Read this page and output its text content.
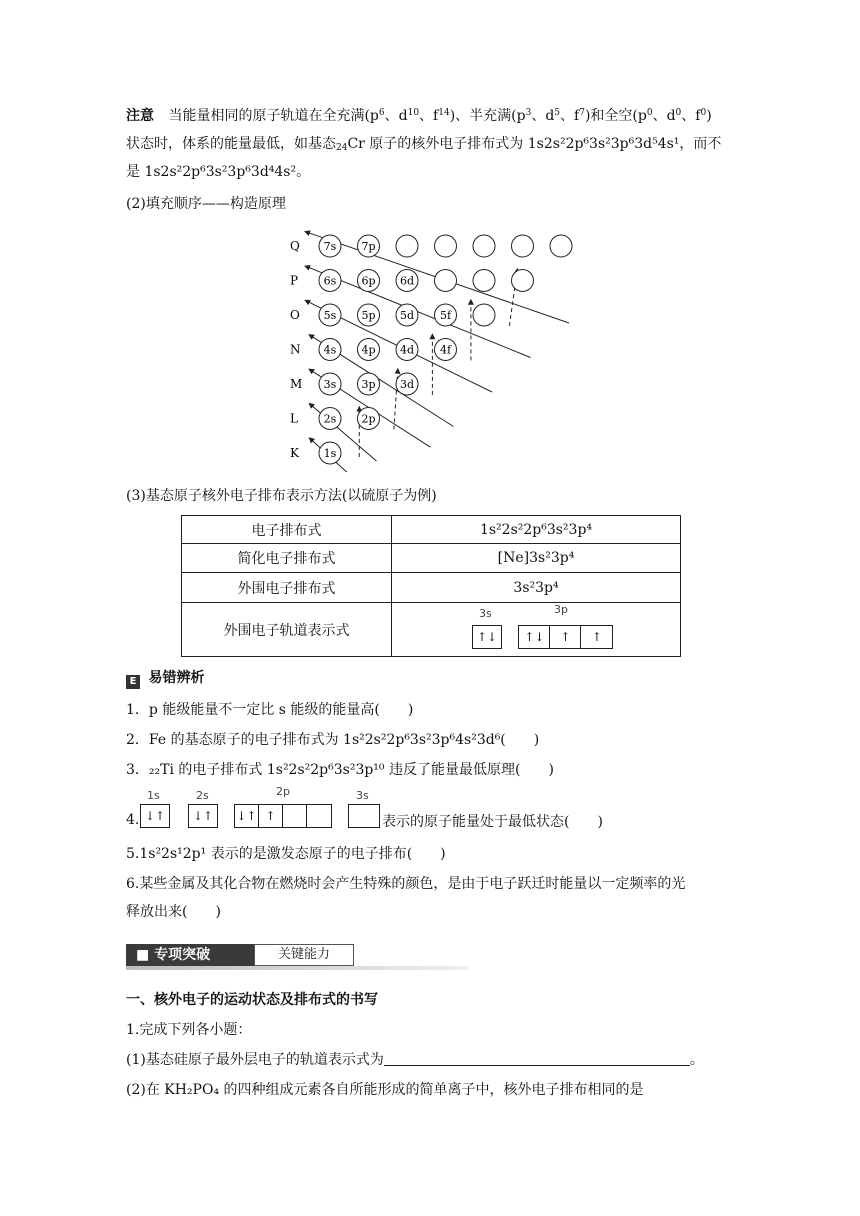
注意 当能量相同的原子轨道在全充满($p^6$、$d^{10}$、$f^{14}$)、半充满($p^3$、$d^5$、$f^7$)和全空($p^0$、$d^0$、$f^0$)
状态时，体系的能量最低，如基态$_{24}$Cr 原子的核外电子排布式为 1s2s²2p⁶3s²3p⁶3d⁵4s¹，而不
是 1s2s²2p⁶3s²3p⁶3d⁴4s²。
(2)填充顺序——构造原理
Q
P
O
N
M
L
K
7s 7p
6s 6p 6d
5s 5p 5d 5f
4s 4p 4d 4f
3s 3p 3d
2s 2p
1s
(3)基态原子核外电子排布表示方法(以硫原子为例)
电子排布式	1s²2s²2p⁶3s²3p⁴
简化电子排布式	[Ne]3s²3p⁴
外围电子排布式	3s²3p⁴
外围电子轨道表示式	3s 3p
↑↓ ↑↓ ↑ ↑
E 易错辨析
1．p 能级能量不一定比 s 能级的能量高(　　)
2．Fe 的基态原子的电子排布式为 1s²2s²2p⁶3s²3p⁶4s²3d⁶(　　)
3．₂₂Ti 的电子排布式 1s²2s²2p⁶3s²3p¹⁰ 违反了能量最低原理(　　)
4.
1s
↓↑
2s
↓↑
2p
↓↑ ↑
3s
表示的原子能量处于最低状态(　　)
5.1s²2s¹2p¹ 表示的是激发态原子的电子排布(　　)
6.某些金属及其化合物在燃烧时会产生特殊的颜色，是由于电子跃迁时能量以一定频率的光
释放出来(　　)
■ 专项突破	关键能力
一、核外电子的运动状态及排布式的书写
1.完成下列各小题：
(1)基态硅原子最外层电子的轨道表示式为	。
(2)在 KH₂PO₄ 的四种组成元素各自所能形成的简单离子中，核外电子排布相同的是
